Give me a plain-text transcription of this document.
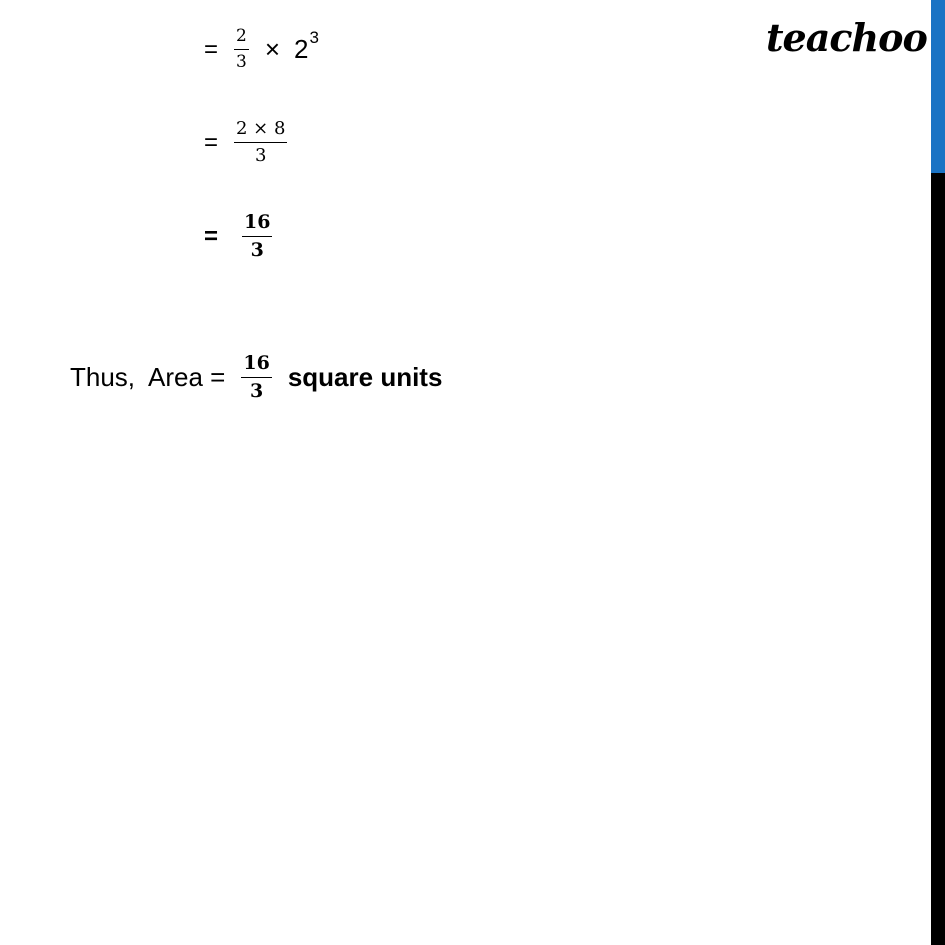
teachoo
= $\frac{2}{3} \times 2$ 3
= $\frac{2 \times 8}{3}$
=	$\frac{16}{3}$
Thus,  Area = $\frac{16}{3}$ square units
